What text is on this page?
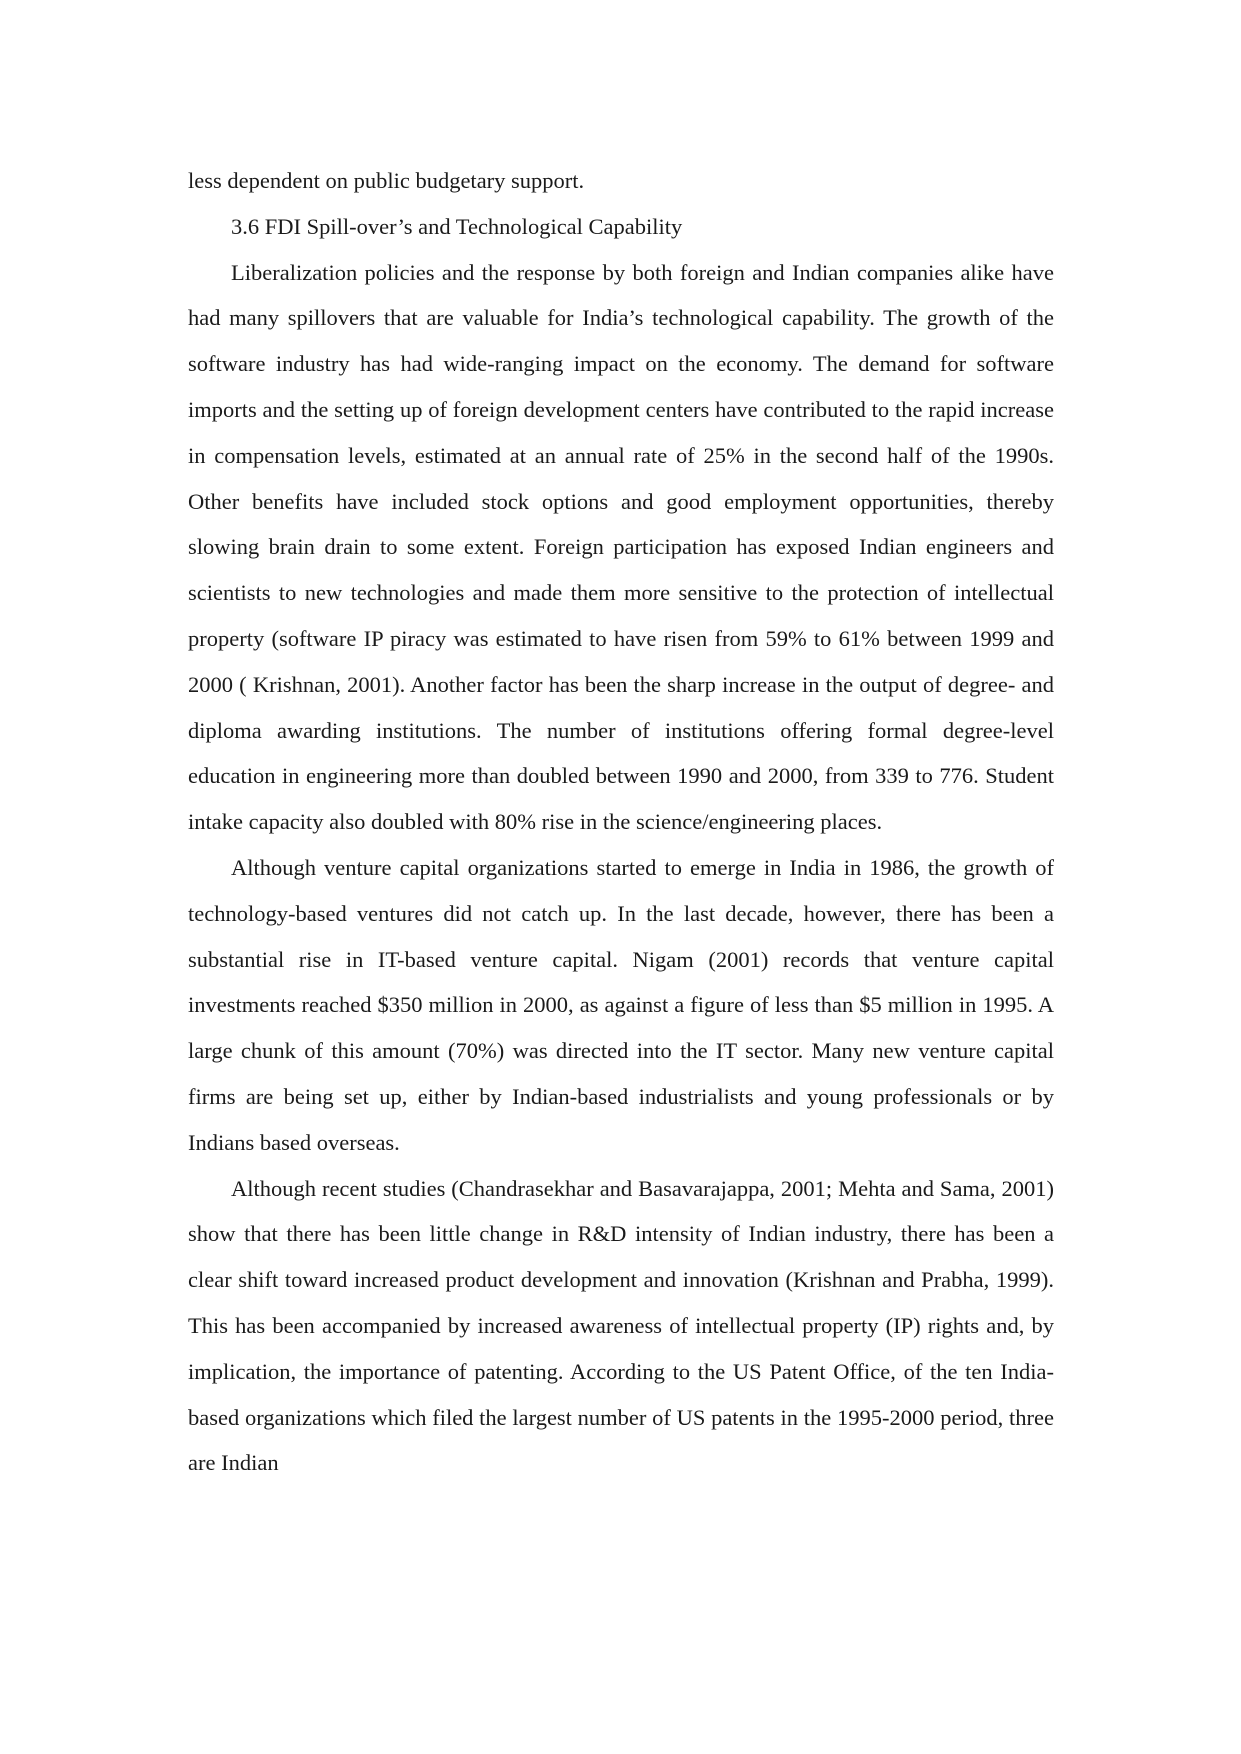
less dependent on public budgetary support.

3.6 FDI Spill-over’s and Technological Capability

Liberalization policies and the response by both foreign and Indian companies alike have had many spillovers that are valuable for India’s technological capability. The growth of the software industry has had wide-ranging impact on the economy. The demand for software imports and the setting up of foreign development centers have contributed to the rapid increase in compensation levels, estimated at an annual rate of 25% in the second half of the 1990s. Other benefits have included stock options and good employment opportunities, thereby slowing brain drain to some extent. Foreign participation has exposed Indian engineers and scientists to new technologies and made them more sensitive to the protection of intellectual property (software IP piracy was estimated to have risen from 59% to 61% between 1999 and 2000 ( Krishnan, 2001). Another factor has been the sharp increase in the output of degree- and diploma awarding institutions. The number of institutions offering formal degree-level education in engineering more than doubled between 1990 and 2000, from 339 to 776. Student intake capacity also doubled with 80% rise in the science/engineering places.

Although venture capital organizations started to emerge in India in 1986, the growth of technology-based ventures did not catch up. In the last decade, however, there has been a substantial rise in IT-based venture capital. Nigam (2001) records that venture capital investments reached $350 million in 2000, as against a figure of less than $5 million in 1995. A large chunk of this amount (70%) was directed into the IT sector. Many new venture capital firms are being set up, either by Indian-based industrialists and young professionals or by Indians based overseas.

Although recent studies (Chandrasekhar and Basavarajappa, 2001; Mehta and Sama, 2001) show that there has been little change in R&D intensity of Indian industry, there has been a clear shift toward increased product development and innovation (Krishnan and Prabha, 1999). This has been accompanied by increased awareness of intellectual property (IP) rights and, by implication, the importance of patenting. According to the US Patent Office, of the ten India-based organizations which filed the largest number of US patents in the 1995-2000 period, three are Indian
